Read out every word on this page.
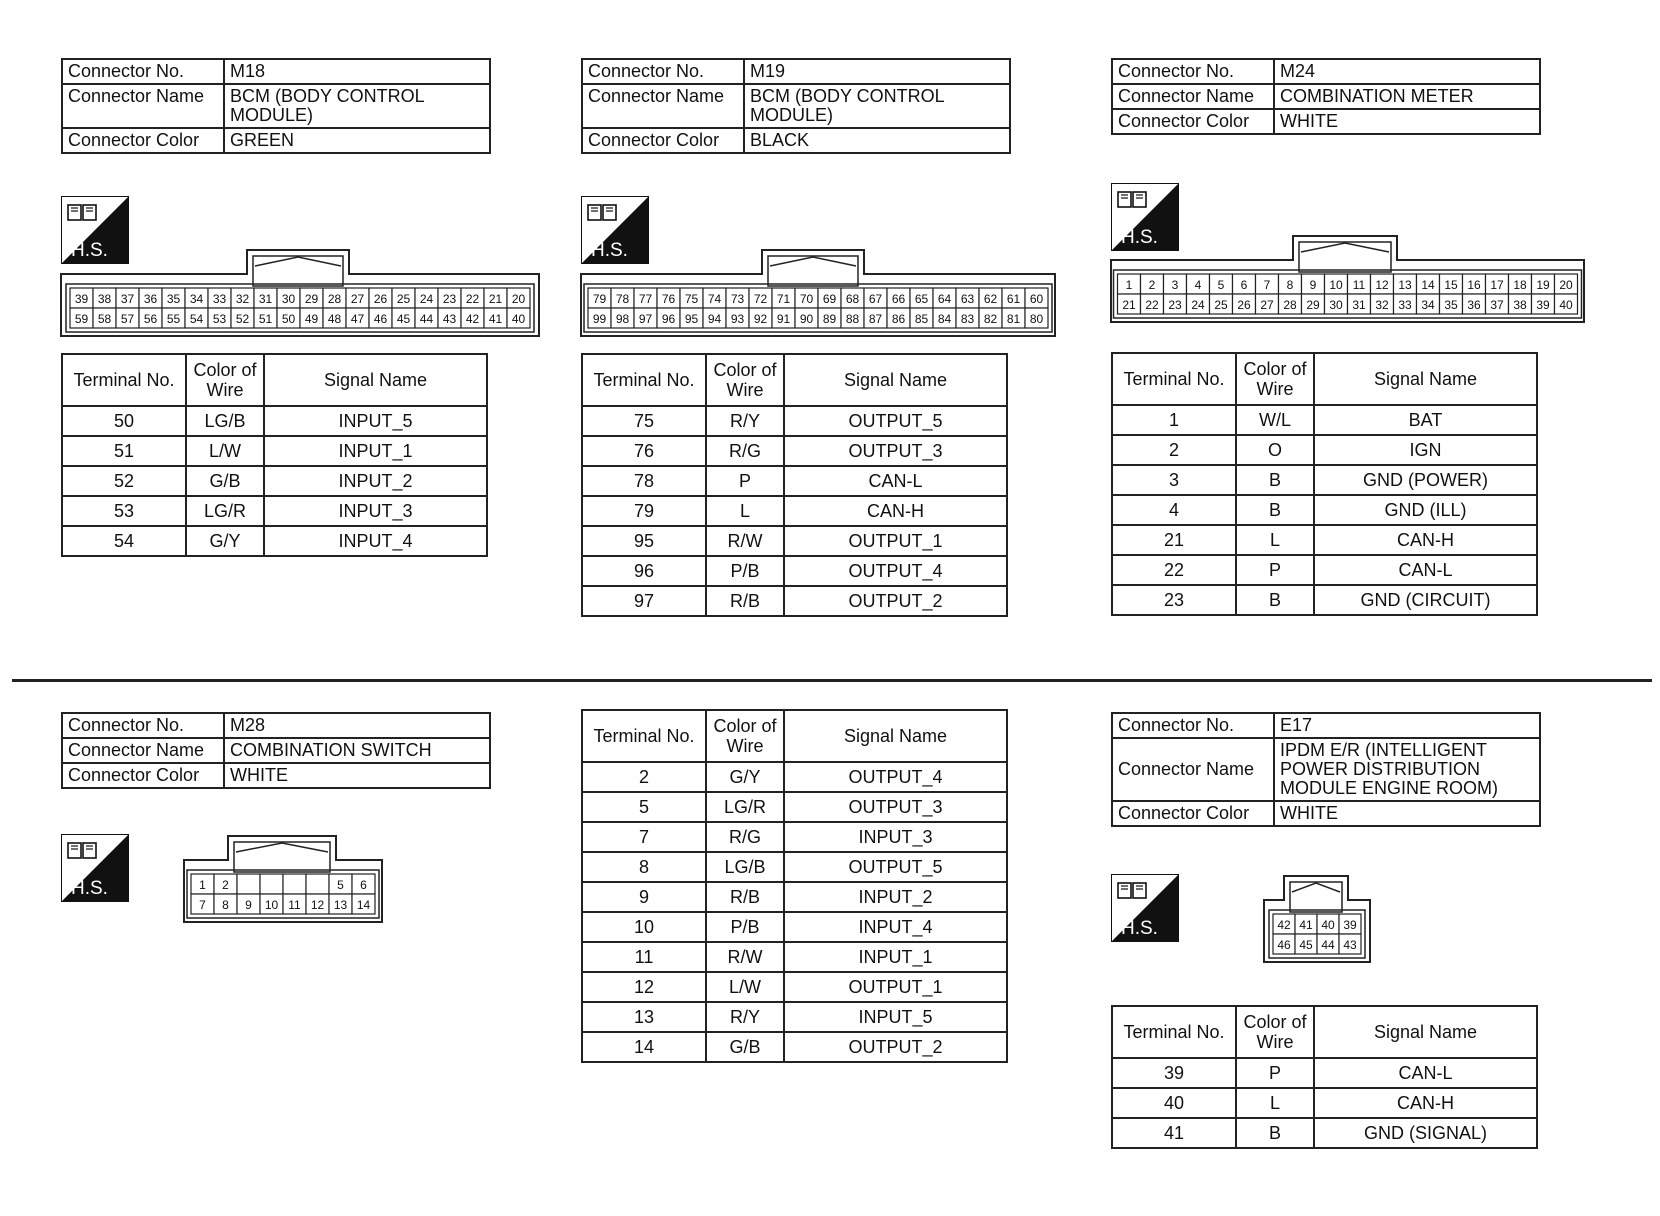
Connector No.	M18
Connector Name	BCM (BODY CONTROL MODULE)
Connector Color	GREEN
H.S.
39 38 37 36 35 34 33 32 31 30 29 28 27 26 25 24 23 22 21 20
59 58 57 56 55 54 53 52 51 50 49 48 47 46 45 44 43 42 41 40
Terminal No.	Color of Wire	Signal Name
50	LG/B	INPUT_5
51	L/W	INPUT_1
52	G/B	INPUT_2
53	LG/R	INPUT_3
54	G/Y	INPUT_4
Connector No.	M19
Connector Name	BCM (BODY CONTROL MODULE)
Connector Color	BLACK
H.S.
79 78 77 76 75 74 73 72 71 70 69 68 67 66 65 64 63 62 61 60
99 98 97 96 95 94 93 92 91 90 89 88 87 86 85 84 83 82 81 80
Terminal No.	Color of Wire	Signal Name
75	R/Y	OUTPUT_5
76	R/G	OUTPUT_3
78	P	CAN-L
79	L	CAN-H
95	R/W	OUTPUT_1
96	P/B	OUTPUT_4
97	R/B	OUTPUT_2
Connector No.	M24
Connector Name	COMBINATION METER
Connector Color	WHITE
H.S.
1 2 3 4 5 6 7 8 9 10 11 12 13 14 15 16 17 18 19 20
21 22 23 24 25 26 27 28 29 30 31 32 33 34 35 36 37 38 39 40
Terminal No.	Color of Wire	Signal Name
1	W/L	BAT
2	O	IGN
3	B	GND (POWER)
4	B	GND (ILL)
21	L	CAN-H
22	P	CAN-L
23	B	GND (CIRCUIT)
Connector No.	M28
Connector Name	COMBINATION SWITCH
Connector Color	WHITE
H.S.	1 2	5 6
7 8 9 10 11 12 13 14
Terminal No.	Color of Wire	Signal Name
2	G/Y	OUTPUT_4
5	LG/R	OUTPUT_3
7	R/G	INPUT_3
8	LG/B	OUTPUT_5
9	R/B	INPUT_2
10	P/B	INPUT_4
11	R/W	INPUT_1
12	L/W	OUTPUT_1
13	R/Y	INPUT_5
14	G/B	OUTPUT_2
Connector No.	E17
Connector Name	IPDM E/R (INTELLIGENT POWER DISTRIBUTION MODULE ENGINE ROOM)
Connector Color	WHITE
H.S.	42 41 40 39
46 45 44 43
Terminal No.	Color of Wire	Signal Name
39	P	CAN-L
40	L	CAN-H
41	B	GND (SIGNAL)
